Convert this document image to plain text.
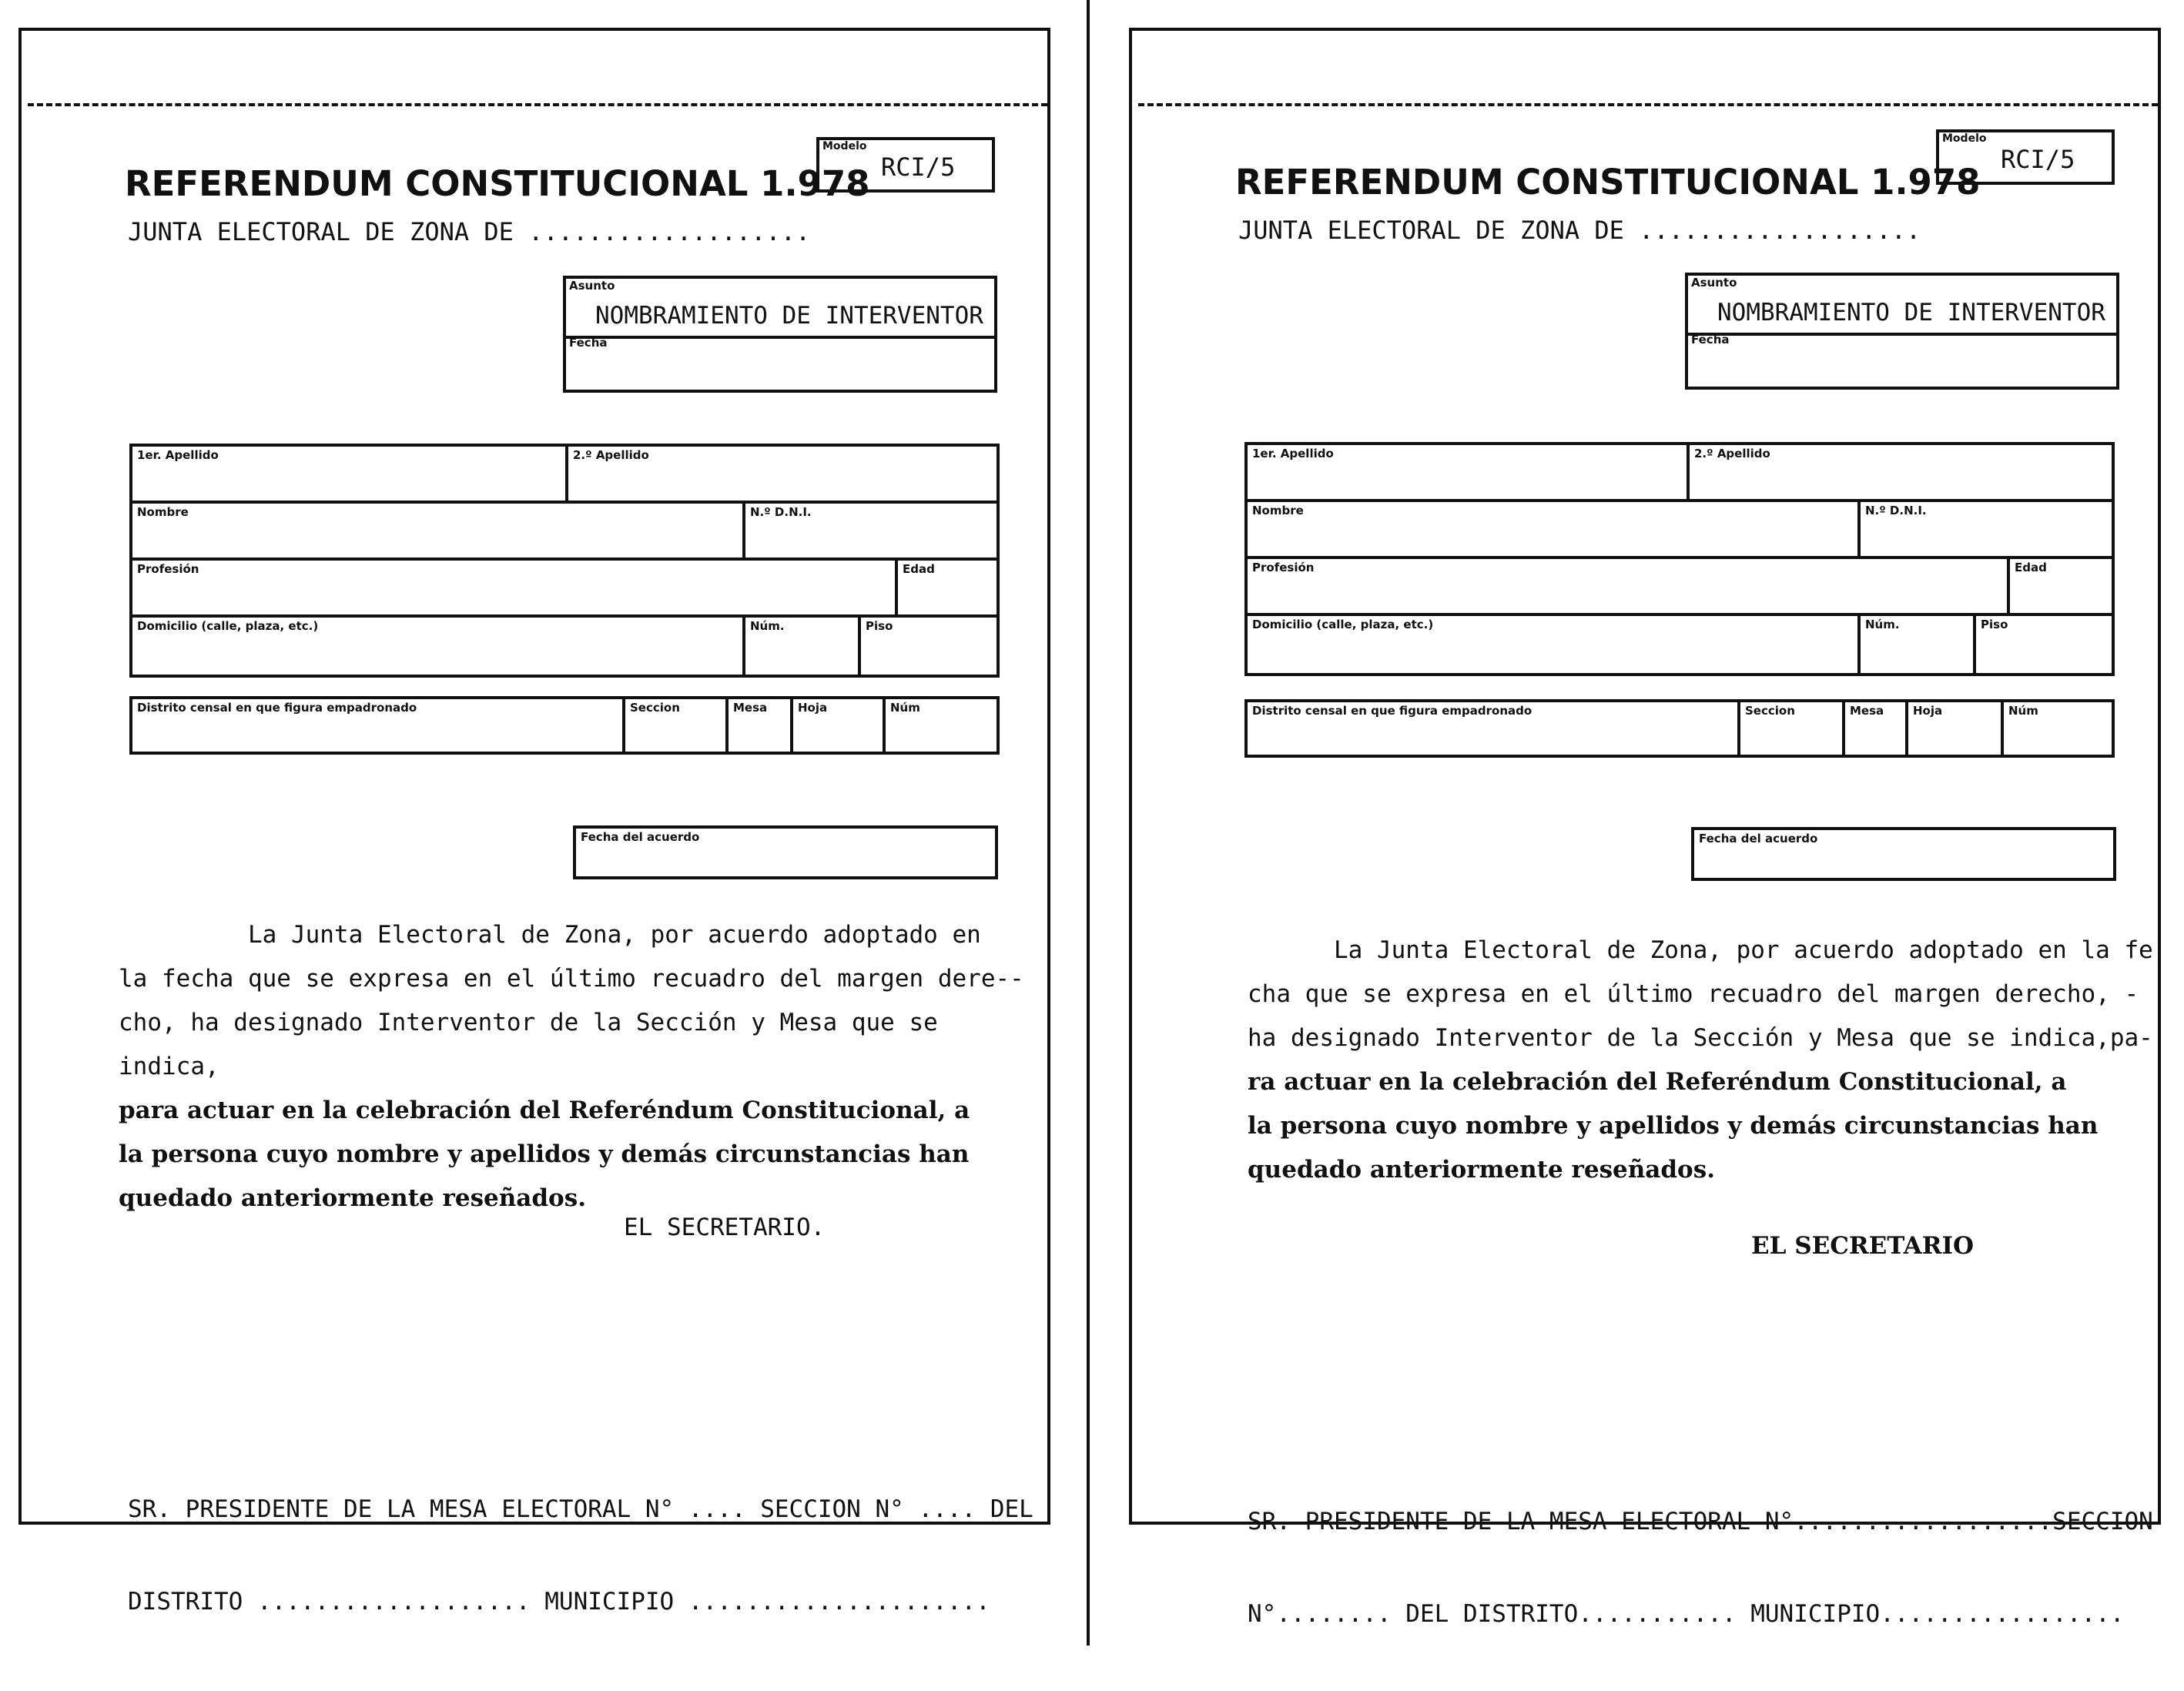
REFERENDUM CONSTITUCIONAL 1.978
JUNTA ELECTORAL DE ZONA DE ...................
Modelo
RCI/5
Asunto
NOMBRAMIENTO DE INTERVENTOR
Fecha
1er. Apellido	2.º Apellido
Nombre	N.º D.N.I.
Profesión	Edad
Domicilio (calle, plaza, etc.)	Núm.	Piso
Distrito censal en que figura empadronado	Seccion	Mesa	Hoja	Núm
Fecha del acuerdo

La Junta Electoral de Zona, por acuerdo adoptado en

la fecha que se expresa en el último recuadro del margen dere--

cho, ha designado Interventor de la Sección y Mesa que se indica,

para actuar en la celebración del Referéndum Constitucional, a

la persona cuyo nombre y apellidos y demás circunstancias han

quedado anteriormente reseñados.

EL SECRETARIO.

SR. PRESIDENTE DE LA MESA ELECTORAL N° .... SECCION N° .... DEL

DISTRITO ................... MUNICIPIO .....................

REFERENDUM CONSTITUCIONAL 1.978
JUNTA ELECTORAL DE ZONA DE ...................
Modelo
RCI/5
Asunto
NOMBRAMIENTO DE INTERVENTOR
Fecha
1er. Apellido	2.º Apellido
Nombre	N.º D.N.I.
Profesión	Edad
Domicilio (calle, plaza, etc.)	Núm.	Piso
Distrito censal en que figura empadronado	Seccion	Mesa	Hoja	Núm
Fecha del acuerdo

La Junta Electoral de Zona, por acuerdo adoptado en la fe

cha que se expresa en el último recuadro del margen derecho, -

ha designado Interventor de la Sección y Mesa que se indica,pa-

ra actuar en la celebración del Referéndum Constitucional, a

la persona cuyo nombre y apellidos y demás circunstancias han

quedado anteriormente reseñados.

EL SECRETARIO

SR. PRESIDENTE DE LA MESA ELECTORAL N°..................SECCION

N°........ DEL DISTRITO........... MUNICIPIO.................
